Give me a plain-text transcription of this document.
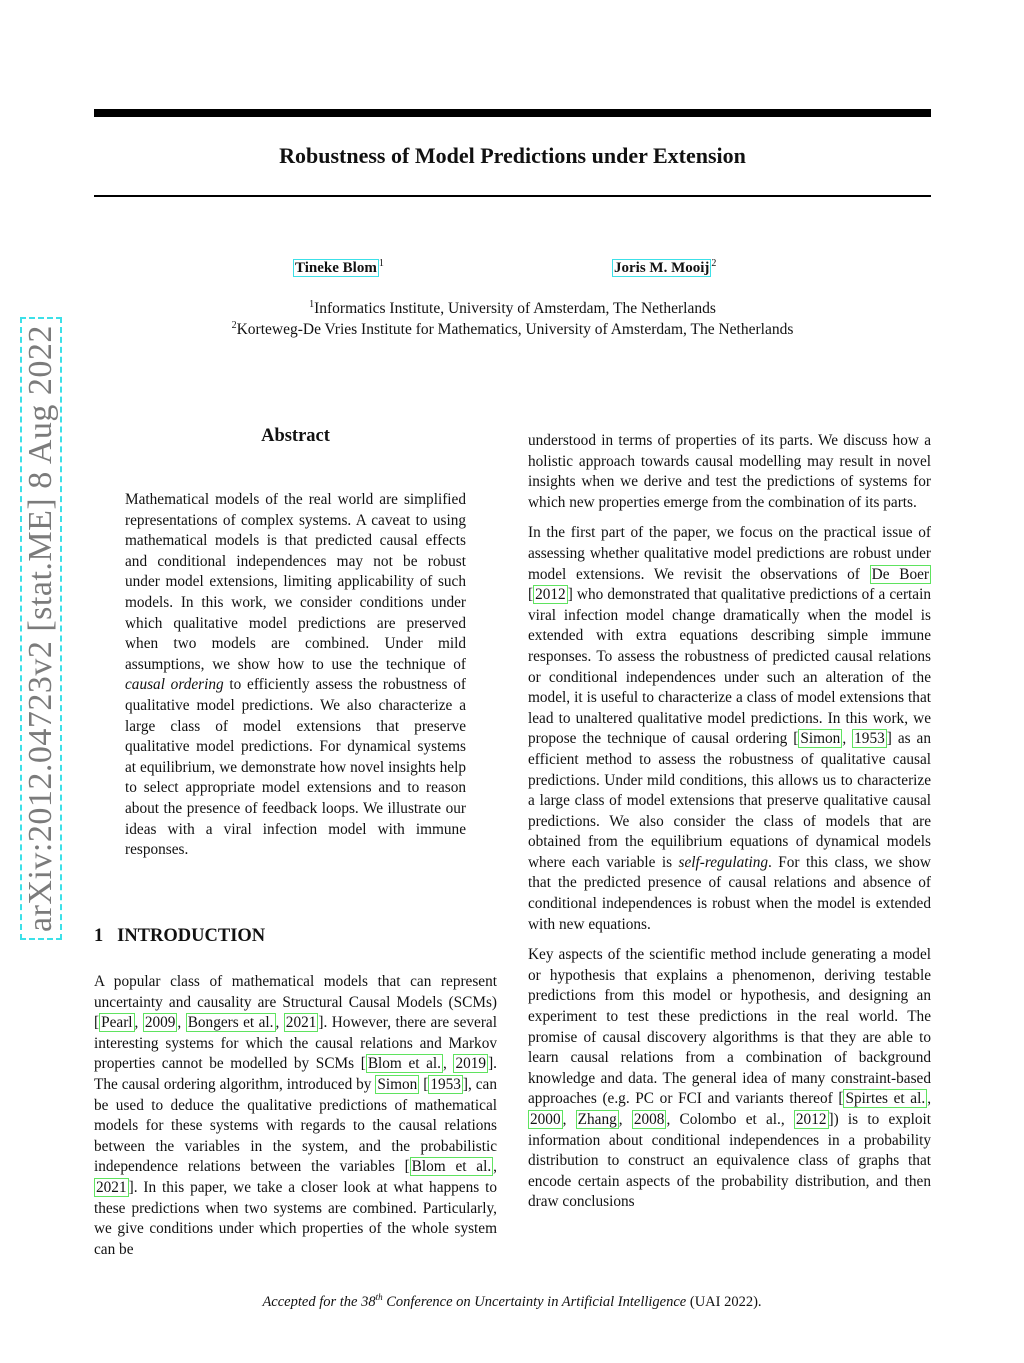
Robustness of Model Predictions under Extension
Tineke Blom $^1$	Joris M. Mooij $^2$
$^1$Informatics Institute, University of Amsterdam, The Netherlands
$^2$Korteweg-De Vries Institute for Mathematics, University of Amsterdam, The Netherlands
arXiv:2012.04723v2 [stat.ME] 8 Aug 2022	Abstract

Mathematical models of the real world are simplified representations of complex systems. A caveat to using mathematical models is that predicted causal effects and conditional independences may not be robust under model extensions, limiting applicability of such models. In this work, we consider conditions under which qualitative model predictions are preserved when two models are combined. Under mild assumptions, we show how to use the technique of causal ordering to efficiently assess the robustness of qualitative model predictions. We also characterize a large class of model extensions that preserve qualitative model predictions. For dynamical systems at equilibrium, we demonstrate how novel insights help to select appropriate model extensions and to reason about the presence of feedback loops. We illustrate our ideas with a viral infection model with immune responses.

1   INTRODUCTION

A popular class of mathematical models that can represent uncertainty and causality are Structural Causal Models (SCMs) [ Pearl , 2009 , Bongers et al. , 2021 ]. However, there are several interesting systems for which the causal relations and Markov properties cannot be modelled by SCMs [ Blom et al. , 2019 ]. The causal ordering algorithm, introduced by Simon [ 1953 ], can be used to deduce the qualitative predictions of mathematical models for these systems with regards to the causal relations between the variables in the system, and the probabilistic independence relations between the variables [ Blom et al. , 2021 ]. In this paper, we take a closer look at what happens to these predictions when two systems are combined. Particularly, we give conditions under which properties of the whole system can be

understood in terms of properties of its parts. We discuss how a holistic approach towards causal modelling may result in novel insights when we derive and test the predictions of systems for which new properties emerge from the combination of its parts.

In the first part of the paper, we focus on the practical issue of assessing whether qualitative model predictions are robust under model extensions. We revisit the observations of De Boer [ 2012 ] who demonstrated that qualitative predictions of a certain viral infection model change dramatically when the model is extended with extra equations describing simple immune responses. To assess the robustness of predicted causal relations or conditional independences under such an alteration of the model, it is useful to characterize a class of model extensions that lead to unaltered qualitative model predictions. In this work, we propose the technique of causal ordering [ Simon , 1953 ] as an efficient method to assess the robustness of qualitative causal predictions. Under mild conditions, this allows us to characterize a large class of model extensions that preserve qualitative causal predictions. We also consider the class of models that are obtained from the equilibrium equations of dynamical models where each variable is self-regulating. For this class, we show that the predicted presence of causal relations and absence of conditional independences is robust when the model is extended with new equations.

Key aspects of the scientific method include generating a model or hypothesis that explains a phenomenon, deriving testable predictions from this model or hypothesis, and designing an experiment to test these predictions in the real world. The promise of causal discovery algorithms is that they are able to learn causal relations from a combination of background knowledge and data. The general idea of many constraint-based approaches (e.g. PC or FCI and variants thereof [ Spirtes et al. , 2000 , Zhang , 2008 , Colombo et al., 2012 ]) is to exploit information about conditional independences in a probability distribution to construct an equivalence class of graphs that encode certain aspects of the probability distribution, and then draw conclusions

Accepted for the 38th Conference on Uncertainty in Artificial Intelligence (UAI 2022).
